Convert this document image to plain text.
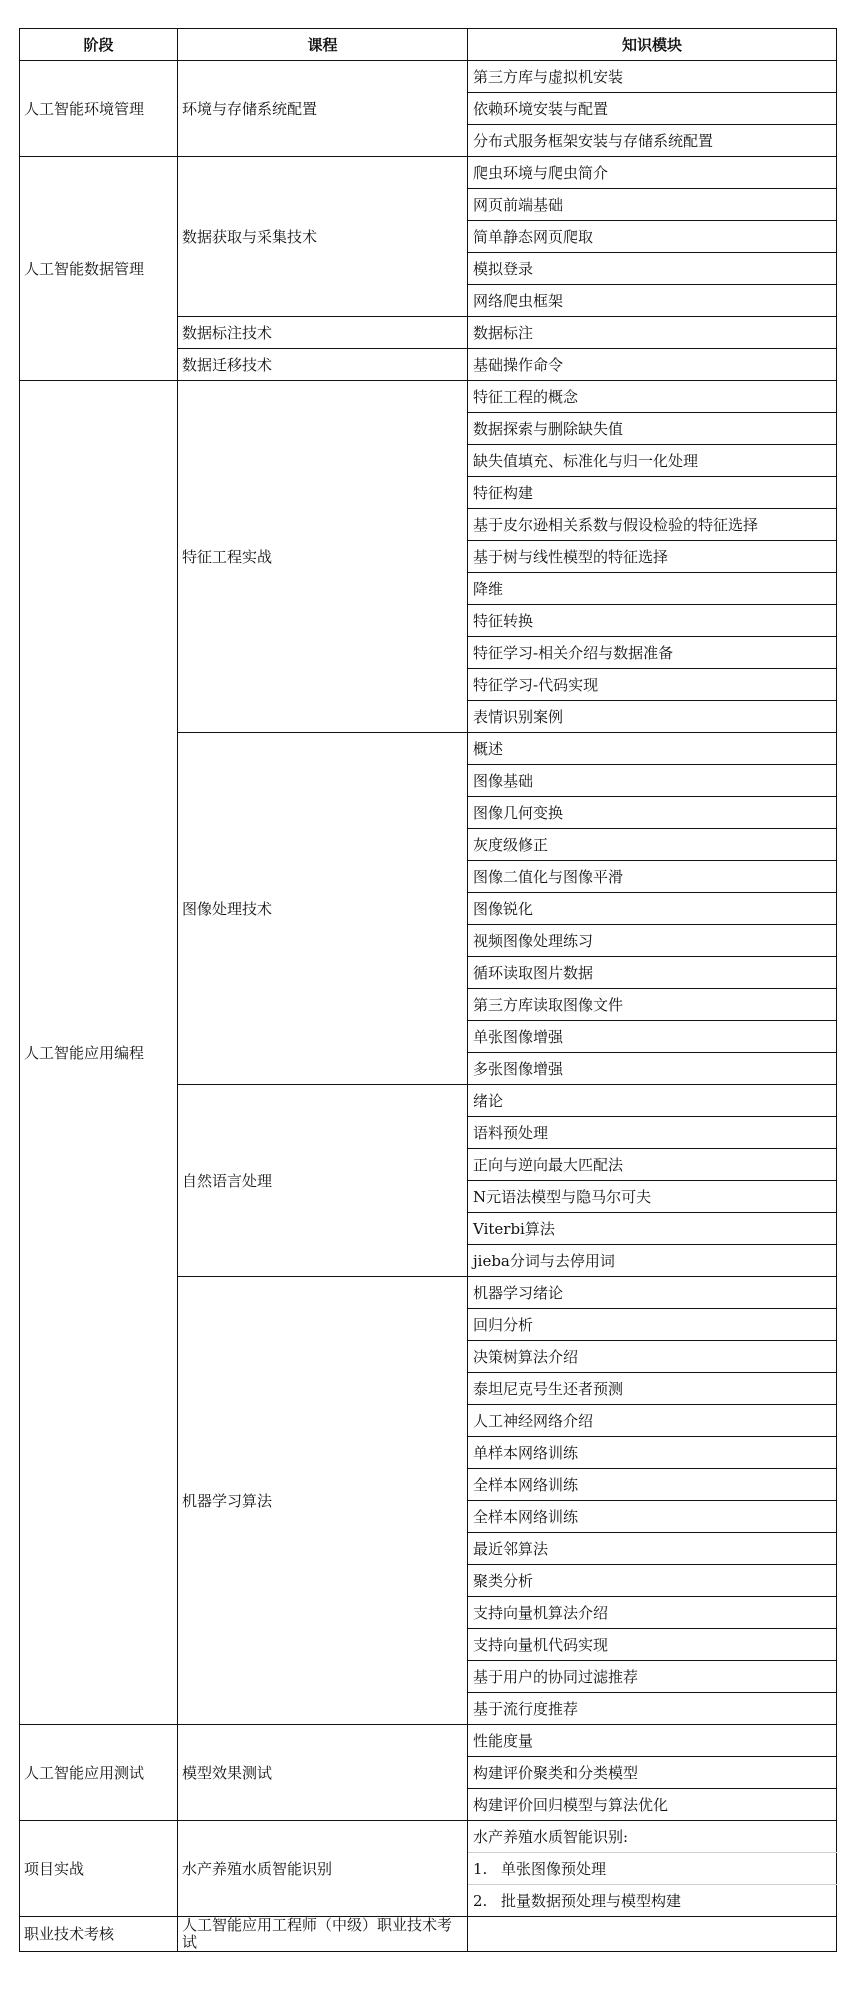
阶段	课程	知识模块
人工智能环境管理	环境与存储系统配置	第三方库与虚拟机安装
		依赖环境安装与配置
		分布式服务框架安装与存储系统配置
人工智能数据管理	数据获取与采集技术	爬虫环境与爬虫简介
		网页前端基础
		简单静态网页爬取
		模拟登录
		网络爬虫框架
	数据标注技术	数据标注
	数据迁移技术	基础操作命令
人工智能应用编程	特征工程实战	特征工程的概念
		数据探索与删除缺失值
		缺失值填充、标准化与归一化处理
		特征构建
		基于皮尔逊相关系数与假设检验的特征选择
		基于树与线性模型的特征选择
		降维
		特征转换
		特征学习-相关介绍与数据准备
		特征学习-代码实现
		表情识别案例
	图像处理技术	概述
		图像基础
		图像几何变换
		灰度级修正
		图像二值化与图像平滑
		图像锐化
		视频图像处理练习
		循环读取图片数据
		第三方库读取图像文件
		单张图像增强
		多张图像增强
	自然语言处理	绪论
		语料预处理
		正向与逆向最大匹配法
		N元语法模型与隐马尔可夫
		Viterbi算法
		jieba分词与去停用词
	机器学习算法	机器学习绪论
		回归分析
		决策树算法介绍
		泰坦尼克号生还者预测
		人工神经网络介绍
		单样本网络训练
		全样本网络训练
		全样本网络训练
		最近邻算法
		聚类分析
		支持向量机算法介绍
		支持向量机代码实现
		基于用户的协同过滤推荐
		基于流行度推荐
人工智能应用测试	模型效果测试	性能度量
		构建评价聚类和分类模型
		构建评价回归模型与算法优化
项目实战	水产养殖水质智能识别	水产养殖水质智能识别:
		1. 单张图像预处理
		2. 批量数据预处理与模型构建
职业技术考核	人工智能应用工程师（中级）职业技术考试	
